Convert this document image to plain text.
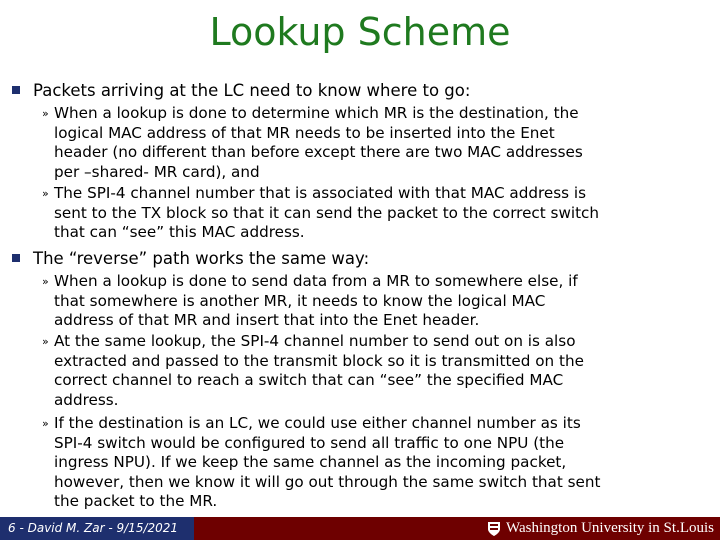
Lookup Scheme
Packets arriving at the LC need to know where to go:
» When a lookup is done to determine which MR is the destination, the
logical MAC address of that MR needs to be inserted into the Enet
header (no different than before except there are two MAC addresses
per –shared- MR card), and
» The SPI-4 channel number that is associated with that MAC address is
sent to the TX block so that it can send the packet to the correct switch
that can “see” this MAC address.
The “reverse” path works the same way:
» When a lookup is done to send data from a MR to somewhere else, if
that somewhere is another MR, it needs to know the logical MAC
address of that MR and insert that into the Enet header.
» At the same lookup, the SPI-4 channel number to send out on is also
extracted and passed to the transmit block so it is transmitted on the
correct channel to reach a switch that can “see” the specified MAC
address.
» If the destination is an LC, we could use either channel number as its
SPI-4 switch would be configured to send all traffic to one NPU (the
ingress NPU). If we keep the same channel as the incoming packet,
however, then we know it will go out through the same switch that sent
the packet to the MR.
6 - David M. Zar - 9/15/2021	Washington University in St.Louis
